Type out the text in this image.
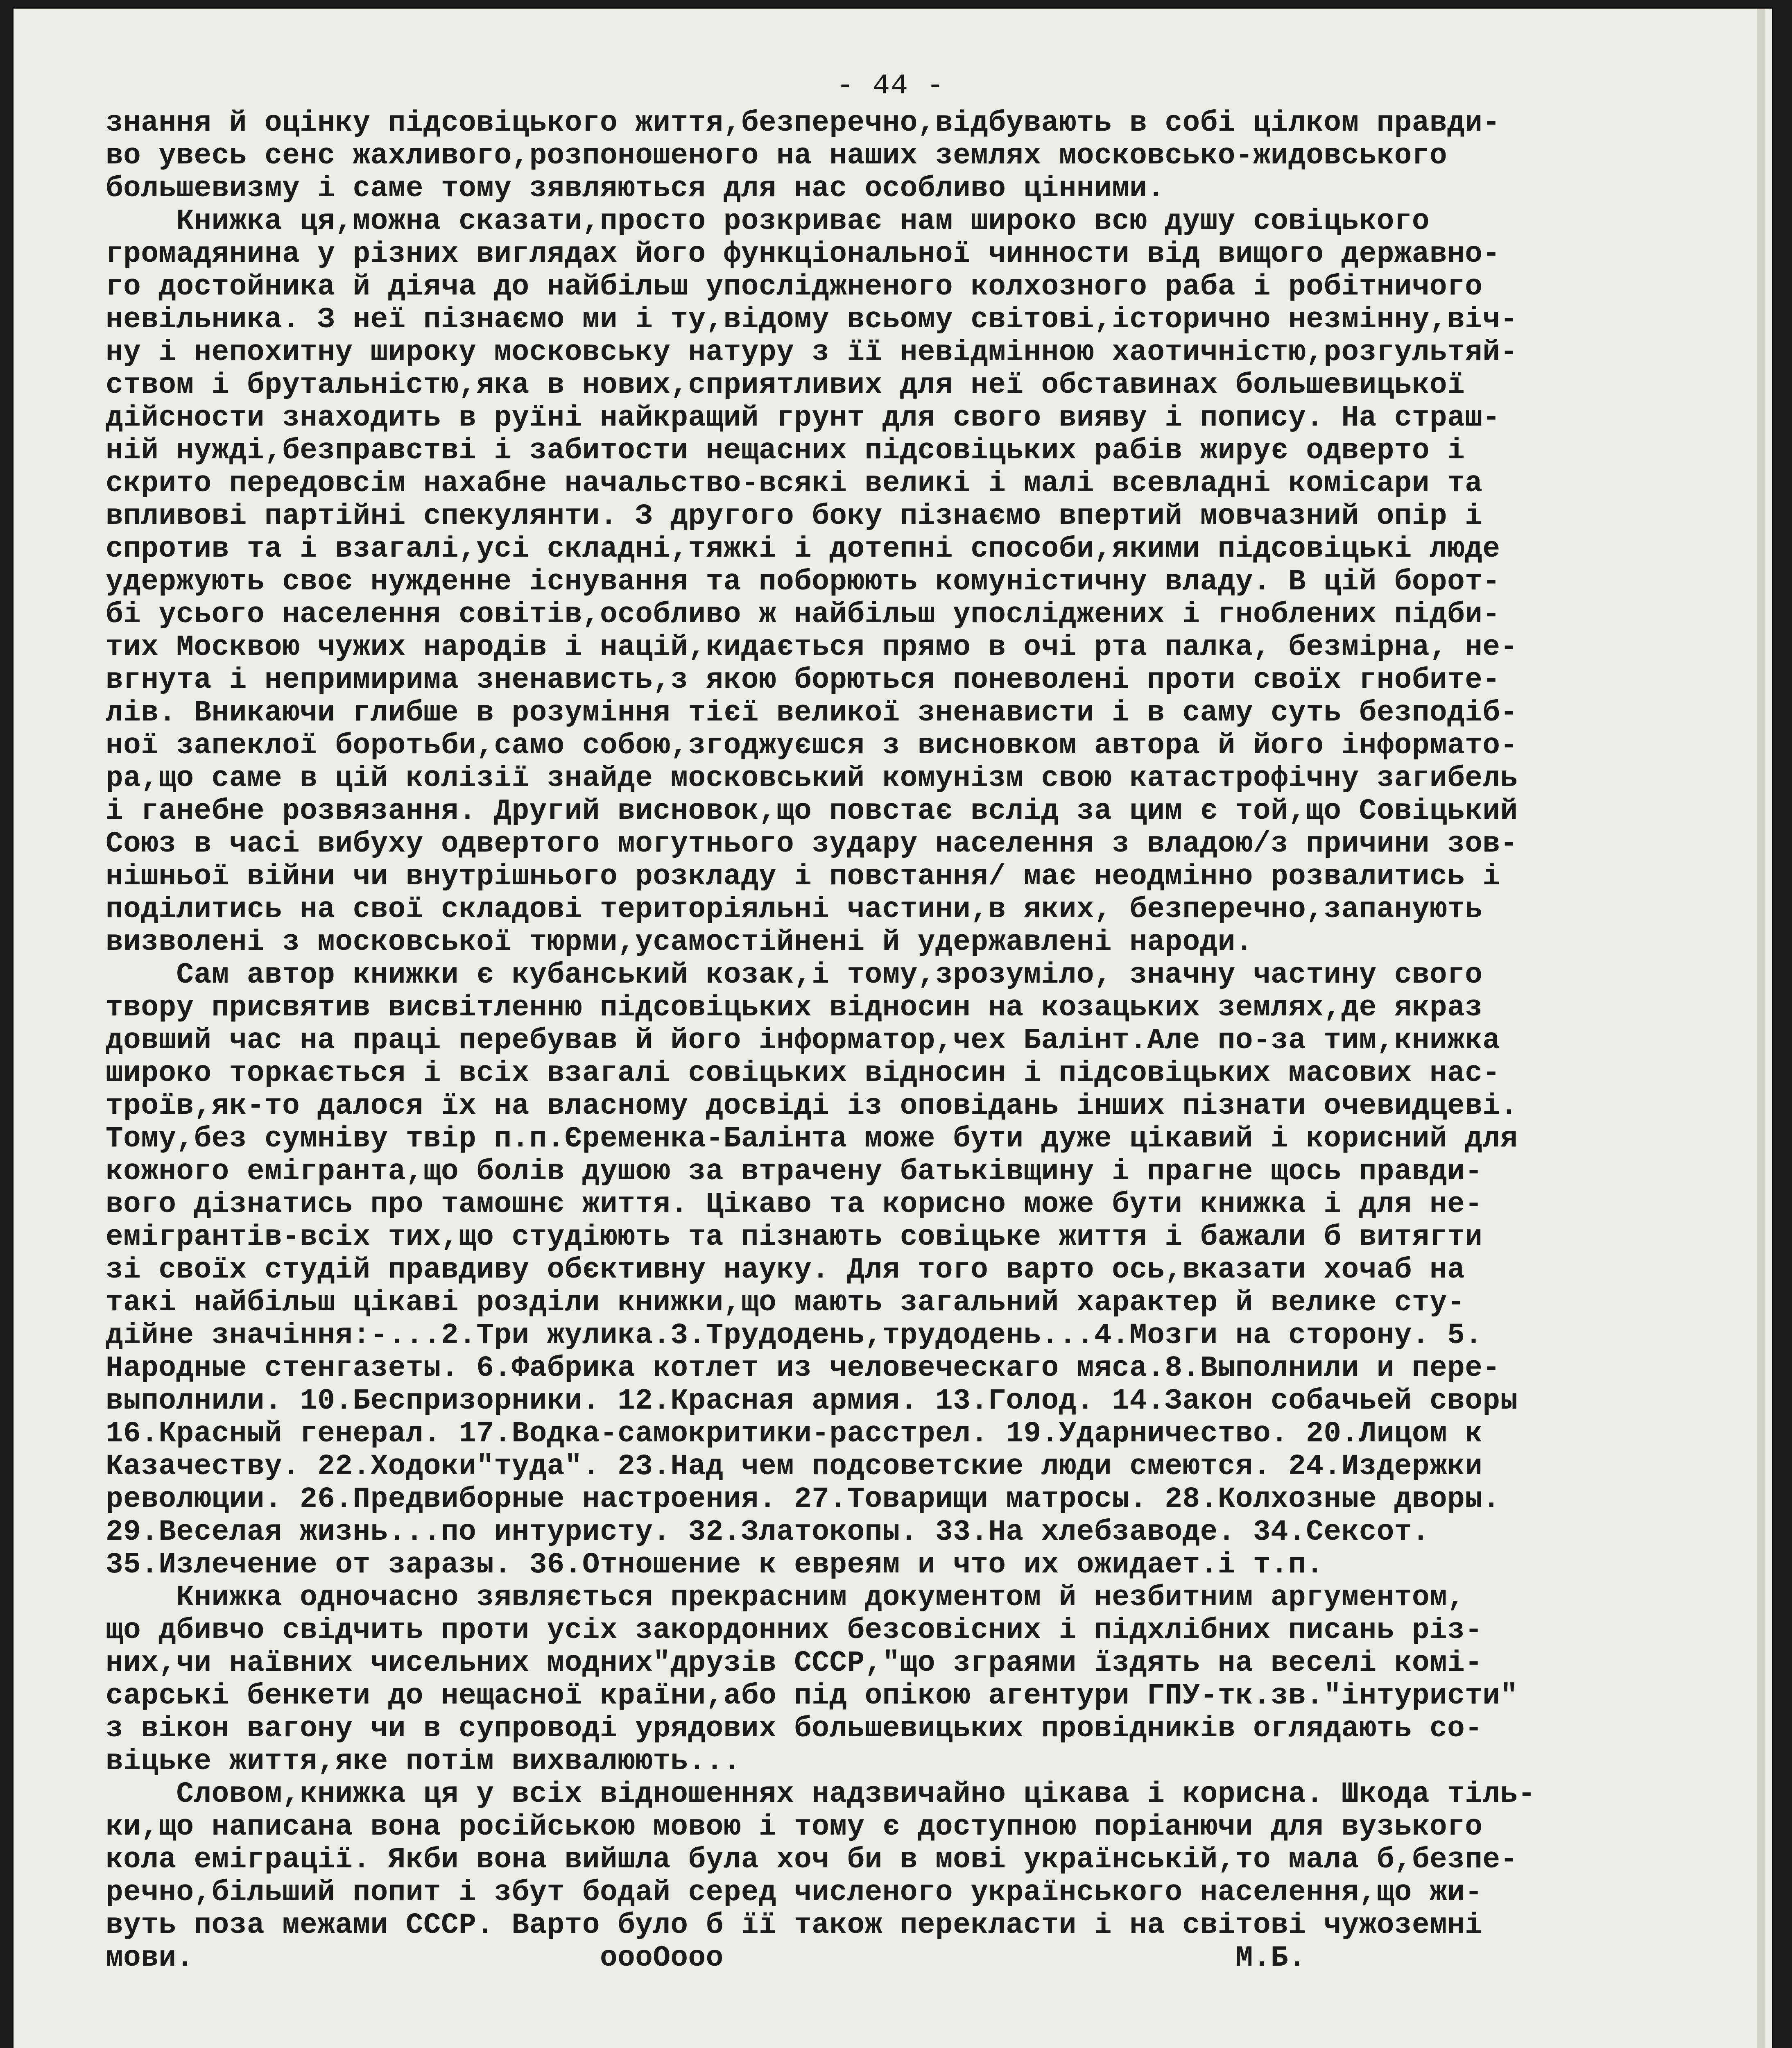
- 44 -
знання й оцінку підсовіцького життя,безперечно,відбувають в собі цілком правди-
во увесь сенс жахливого,розпоношеного на наших землях московсько-жидовського
большевизму і саме тому зявляються для нас особливо цінними.
Книжка ця,можна сказати,просто розкриває нам широко всю душу совіцького
громадянина у різних виглядах його функціональної чинности від вищого державно-
го достойника й діяча до найбільш упосліджненого колхозного раба і робітничого
невільника. З неї пізнаємо ми і ту,відому всьому світові,історично незмінну,віч-
ну і непохитну широку московську натуру з її невідмінною хаотичністю,розгультяй-
ством і брутальністю,яка в нових,сприятливих для неї обставинах большевицької
дійсности знаходить в руїні найкращий грунт для свого вияву і попису. На страш-
ній нужді,безправстві і забитости нещасних підсовіцьких рабів жирує одверто і
скрито передовсім нахабне начальство-всякі великі і малі всевладні комісари та
впливові партійні спекулянти. З другого боку пізнаємо впертий мовчазний опір і
спротив та і взагалі,усі складні,тяжкі і дотепні способи,якими підсовіцькі люде
удержують своє нужденне існування та поборюють комуністичну владу. В цій борот-
бі усього населення совітів,особливо ж найбільш упосліджених і гноблених підби-
тих Москвою чужих народів і націй,кидається прямо в очі рта палка, безмірна, не-
вгнута і непримирима зненависть,з якою борються поневолені проти своїх гнобите-
лів. Вникаючи глибше в розуміння тієї великої зненависти і в саму суть безподіб-
ної запеклої боротьби,само собою,згоджуєшся з висновком автора й його інформато-
ра,що саме в цій колізії знайде московський комунізм свою катастрофічну загибель
і ганебне розвязання. Другий висновок,що повстає вслід за цим є той,що Совіцький
Союз в часі вибуху одвертого могутнього зудару населення з владою/з причини зов-
нішньої війни чи внутрішнього розкладу і повстання/ має неодмінно розвалитись і
поділитись на свої складові територіяльні частини,в яких, безперечно,запанують
визволені з московської тюрми,усамостійнені й удержавлені народи.
Сам автор книжки є кубанський козак,і тому,зрозуміло, значну частину свого
твору присвятив висвітленню підсовіцьких відносин на козацьких землях,де якраз
довший час на праці перебував й його інформатор,чех Балінт.Але по-за тим,книжка
широко торкається і всіх взагалі совіцьких відносин і підсовіцьких масових нас-
троїв,як-то далося їх на власному досвіді із оповідань інших пізнати очевидцеві.
Тому,без сумніву твір п.п.Єременка-Балінта може бути дуже цікавий і корисний для
кожного емігранта,що болів душою за втрачену батьківщину і прагне щось правди-
вого дізнатись про тамошнє життя. Цікаво та корисно може бути книжка і для не-
емігрантів-всіх тих,що студіюють та пізнають совіцьке життя і бажали б витягти
зі своїх студій правдиву обєктивну науку. Для того варто ось,вказати хочаб на
такі найбільш цікаві розділи книжки,що мають загальний характер й велике сту-
дійне значіння:-...2.Три жулика.3.Трудодень,трудодень...4.Мозги на сторону. 5.
Народные стенгазеты. 6.Фабрика котлет из человеческаго мяса.8.Выполнили и пере-
выполнили. 10.Беспризорники. 12.Красная армия. 13.Голод. 14.Закон собачьей своры
16.Красный генерал. 17.Водка-самокритики-расстрел. 19.Ударничество. 20.Лицом к
Казачеству. 22.Ходоки"туда". 23.Над чем подсоветские люди смеются. 24.Издержки
революции. 26.Предвиборные настроения. 27.Товарищи матросы. 28.Колхозные дворы.
29.Веселая жизнь...по интуристу. 32.Златокопы. 33.На хлебзаводе. 34.Сексот.
35.Излечение от заразы. 36.Отношение к евреям и что их ожидает.і т.п.
Книжка одночасно зявляється прекрасним документом й незбитним аргументом,
що дбивчо свідчить проти усіх закордонних безсовісних і підхлібних писань різ-
них,чи наївних чисельних модних"друзів СССР,"що зграями їздять на веселі комі-
сарські бенкети до нещасної країни,або під опікою агентури ГПУ-тк.зв."інтуристи"
з вікон вагону чи в супроводі урядових большевицьких провідників оглядають со-
віцьке життя,яке потім вихвалюють...
Словом,книжка ця у всіх відношеннях надзвичайно цікава і корисна. Шкода тіль-
ки,що написана вона російською мовою і тому є доступною поріанючи для вузького
кола еміграції. Якби вона вийшла була хоч би в мові українській,то мала б,безпе-
речно,більший попит і збут бодай серед численого українського населення,що жи-
вуть поза межами СССР. Варто було б її також перекласти і на світові чужоземні
мови.                       oooOooo                             М.Б.
